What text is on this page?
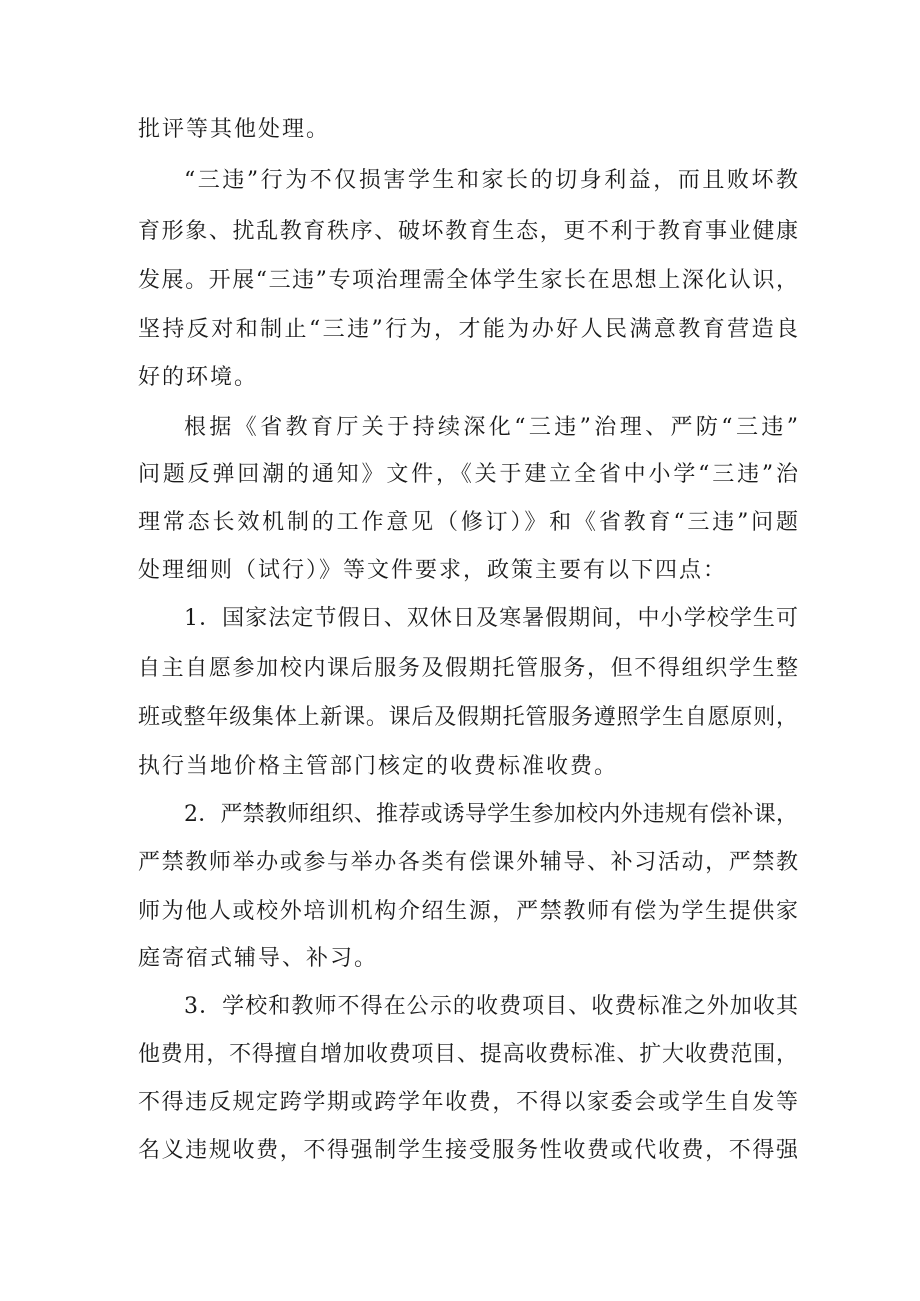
批评等其他处理。
“三违”行为不仅损害学生和家长的切身利益，而且败坏教
育形象、扰乱教育秩序、破坏教育生态，更不利于教育事业健康
发展。开展“三违”专项治理需全体学生家长在思想上深化认识，
坚持反对和制止“三违”行为，才能为办好人民满意教育营造良
好的环境。
根据《省教育厅关于持续深化“三违”治理、严防“三违”
问题反弹回潮的通知》文件，《关于建立全省中小学“三违”治
理常态长效机制的工作意见（修订）》和《省教育“三违”问题
处理细则（试行）》等文件要求，政策主要有以下四点：
1．国家法定节假日、双休日及寒暑假期间，中小学校学生可
自主自愿参加校内课后服务及假期托管服务，但不得组织学生整
班或整年级集体上新课。课后及假期托管服务遵照学生自愿原则，
执行当地价格主管部门核定的收费标准收费。
2．严禁教师组织、推荐或诱导学生参加校内外违规有偿补课，
严禁教师举办或参与举办各类有偿课外辅导、补习活动，严禁教
师为他人或校外培训机构介绍生源，严禁教师有偿为学生提供家
庭寄宿式辅导、补习。
3．学校和教师不得在公示的收费项目、收费标准之外加收其
他费用，不得擅自增加收费项目、提高收费标准、扩大收费范围，
不得违反规定跨学期或跨学年收费，不得以家委会或学生自发等
名义违规收费，不得强制学生接受服务性收费或代收费，不得强
